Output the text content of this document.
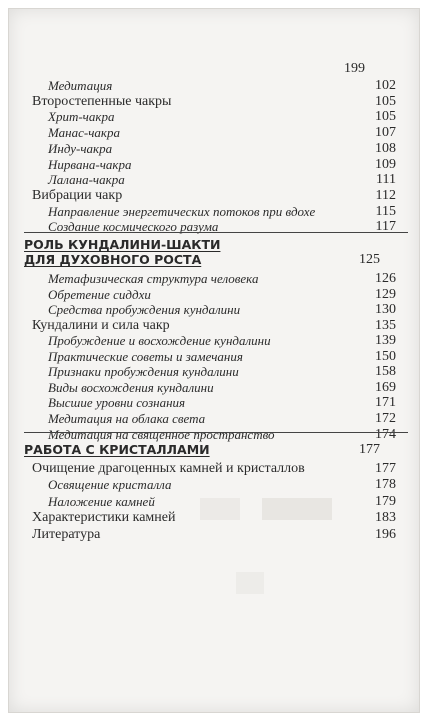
199
Медитация	102
Второстепенные чакры	105
Хрит-чакра	105
Манас-чакра	107
Инду-чакра	108
Нирвана-чакра	109
Лалана-чакра	111
Вибрации чакр	112
Направление энергетических потоков при вдохе	115
Создание космического разума	117
РОЛЬ КУНДАЛИНИ-ШАКТИ
ДЛЯ ДУХОВНОГО РОСТА	125
Метафизическая структура человека	126
Обретение сиддхи	129
Средства пробуждения кундалини	130
Кундалини и сила чакр	135
Пробуждение и восхождение кундалини	139
Практические советы и замечания	150
Признаки пробуждения кундалини	158
Виды восхождения кундалини	169
Высшие уровни сознания	171
Медитация на облака света	172
Медитация на священное пространство	174
РАБОТА С КРИСТАЛЛАМИ	177
Очищение драгоценных камней и кристаллов	177
Освящение кристалла	178
Наложение камней	179
Характеристики камней	183
Литература	196
